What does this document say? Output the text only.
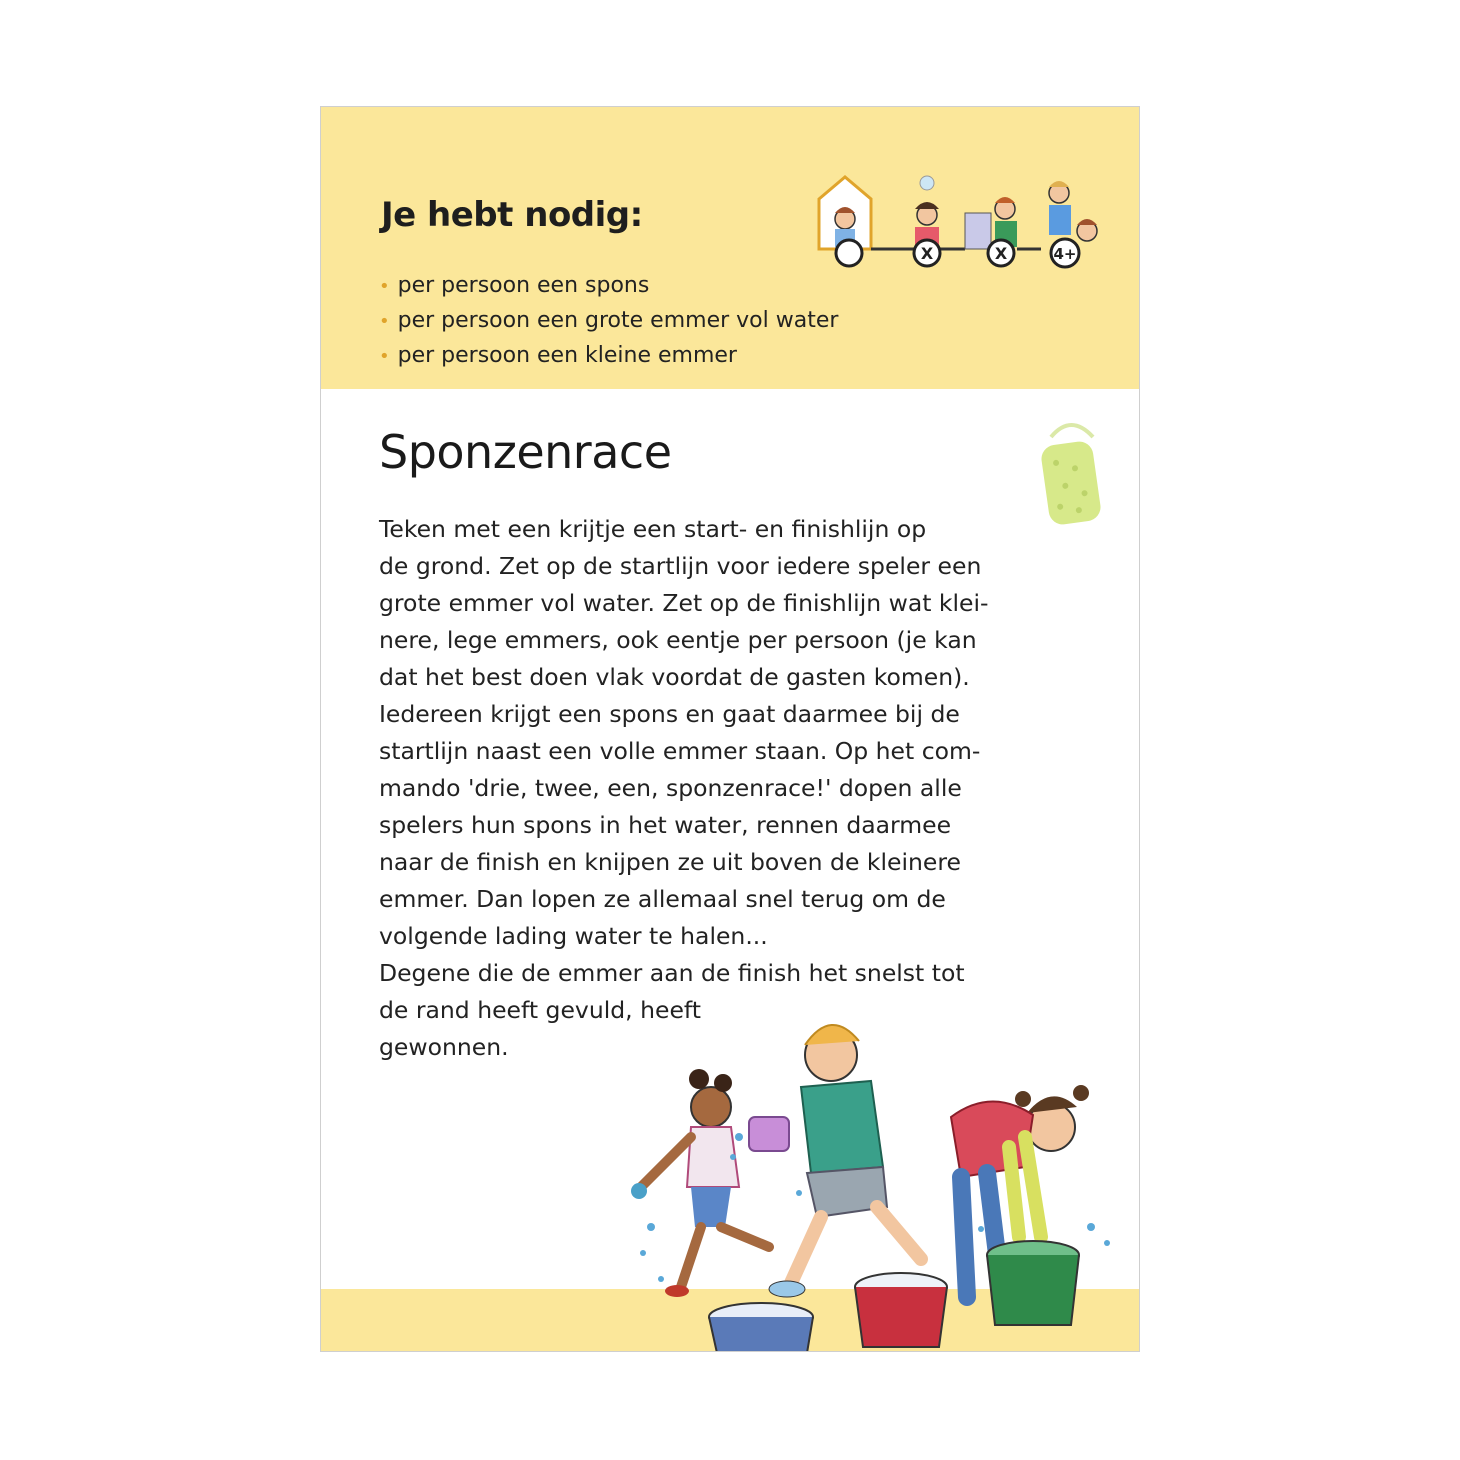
Je hebt nodig:
• per persoon een spons
• per persoon een grote emmer vol water
• per persoon een kleine emmer
X	X	4+
Sponzenrace

Teken met een krijtje een start- en finishlijn op
de grond. Zet op de startlijn voor iedere speler een
grote emmer vol water. Zet op de finishlijn wat klei-
nere, lege emmers, ook eentje per persoon (je kan
dat het best doen vlak voordat de gasten komen).
Iedereen krijgt een spons en gaat daarmee bij de
startlijn naast een volle emmer staan. Op het com-
mando 'drie, twee, een, sponzenrace!' dopen alle
spelers hun spons in het water, rennen daarmee
naar de finish en knijpen ze uit boven de kleinere
emmer. Dan lopen ze allemaal snel terug om de
volgende lading water te halen...
Degene die de emmer aan de finish het snelst tot
de rand heeft gevuld, heeft
gewonnen.
